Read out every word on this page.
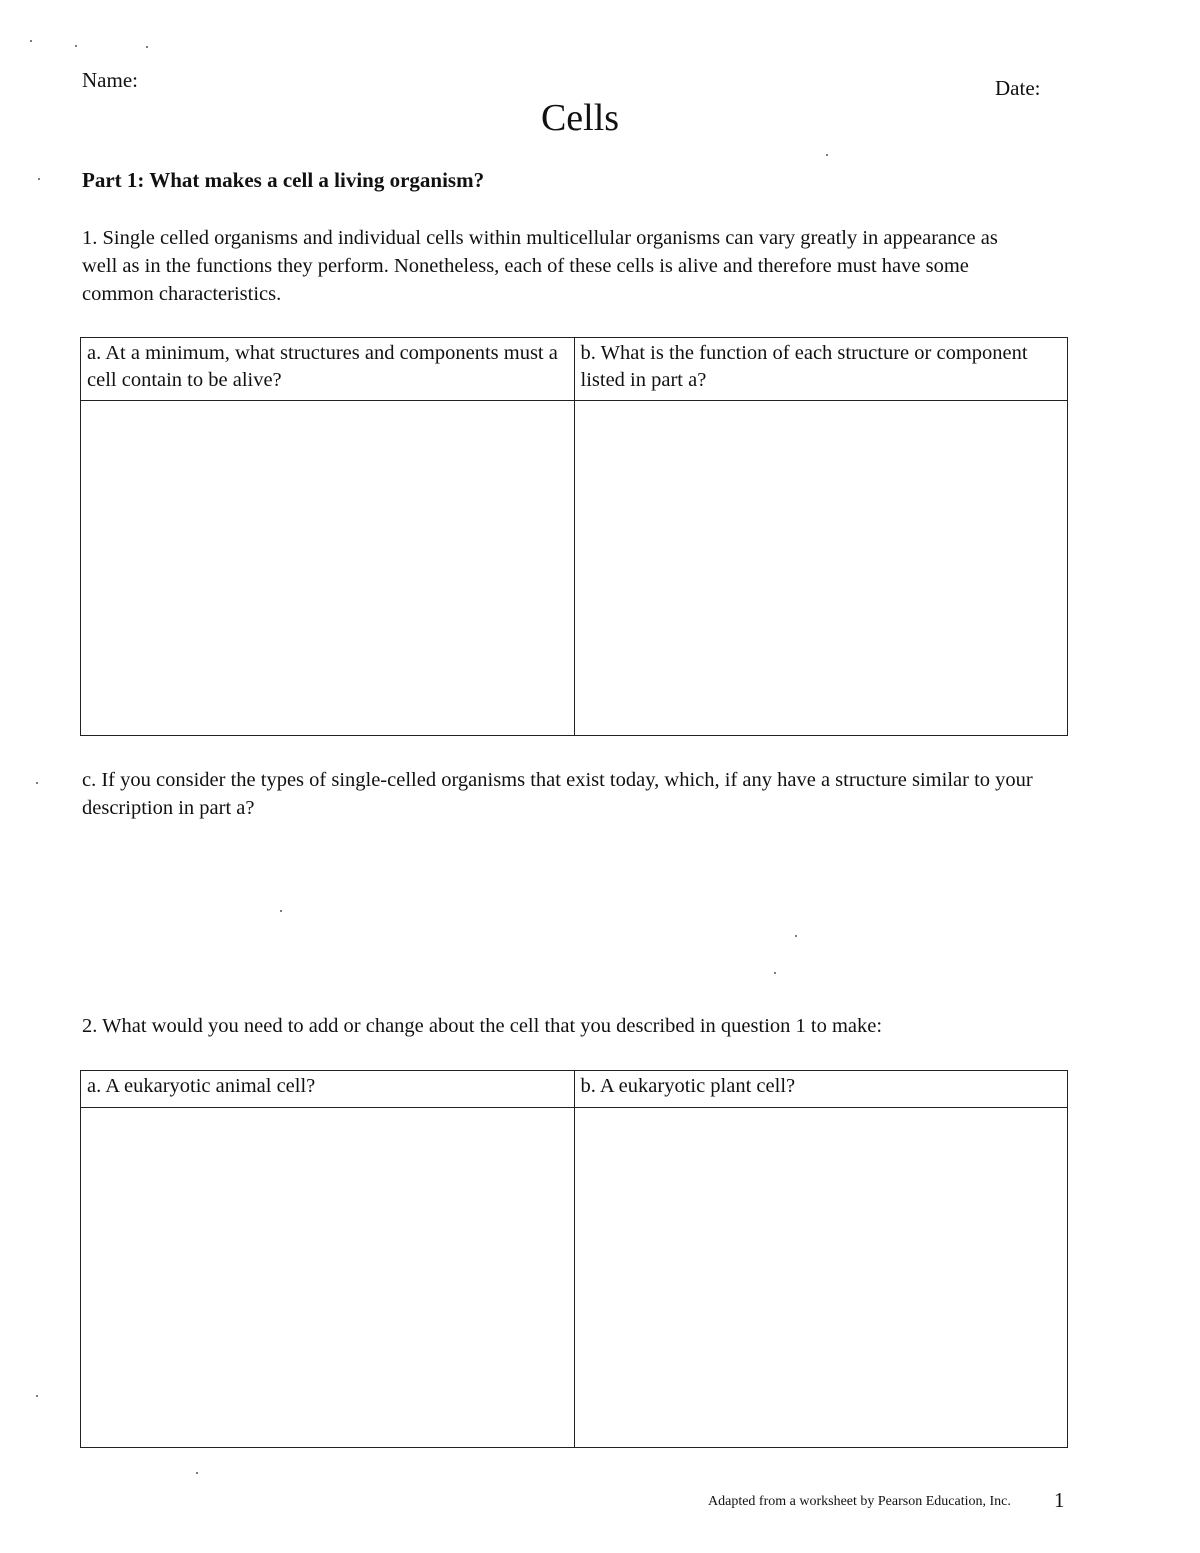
Name:	Date:
Cells
Part 1: What makes a cell a living organism?
1. Single celled organisms and individual cells within multicellular organisms can vary greatly in appearance as well as in the functions they perform. Nonetheless, each of these cells is alive and therefore must have some common characteristics.
a. At a minimum, what structures and components must a cell contain to be alive?	b. What is the function of each structure or component listed in part a?

c. If you consider the types of single-celled organisms that exist today, which, if any have a structure similar to your description in part a?
2. What would you need to add or change about the cell that you described in question 1 to make:
a. A eukaryotic animal cell?	b. A eukaryotic plant cell?

Adapted from a worksheet by Pearson Education, Inc. 1
